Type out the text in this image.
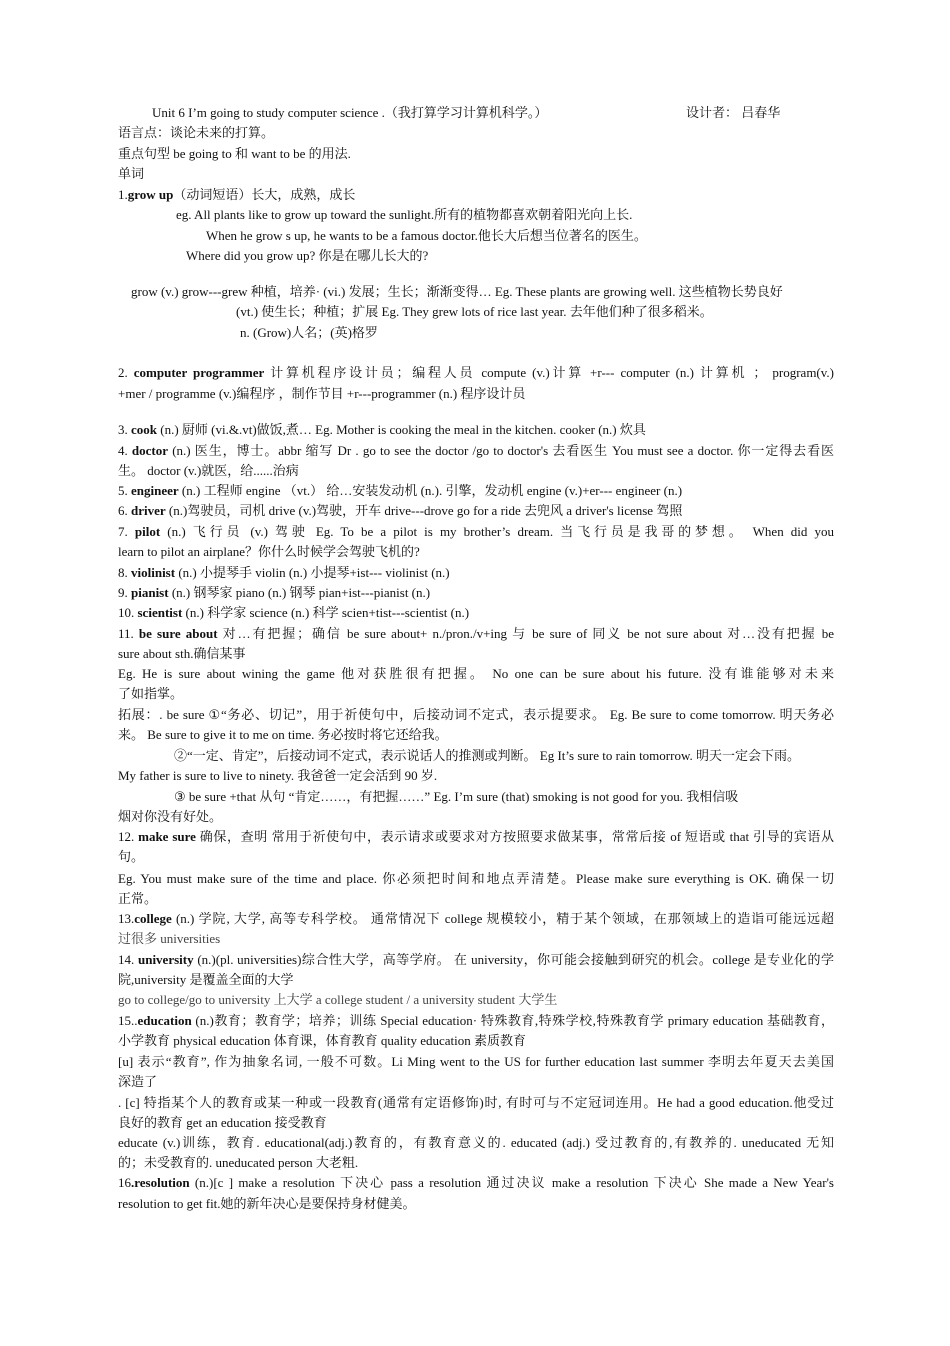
Unit 6 I’m going to study computer science .（我打算学习计算机科学。）	设计者： 吕春华
语言点：谈论未来的打算。
重点句型 be going to 和 want to be 的用法.
单词
1.grow up（动词短语）长大，成熟，成长
eg. All plants like to grow up toward the sunlight.所有的植物都喜欢朝着阳光向上长.
When he grow s up, he wants to be a famous doctor.他长大后想当位著名的医生。
Where did you grow up? 你是在哪儿长大的?
grow (v.) grow---grew 种植，培养· (vi.) 发展；生长；渐渐变得… Eg. These plants are growing well. 这些植物长势良好
(vt.) 使生长；种植；扩展 Eg. They grew lots of rice last year. 去年他们种了很多稻米。
n. (Grow)人名；(英)格罗
2. computer programmer 计算机程序设计员；编程人员 compute (v.)计算 +r--- computer (n.) 计算机 ； program(v.)
+mer / programme (v.)编程序 ，制作节目 +r---programmer (n.) 程序设计员
3. cook (n.) 厨师 (vi.&.vt)做饭,煮… Eg. Mother is cooking the meal in the kitchen. cooker (n.) 炊具
4. doctor (n.) 医生，博士。abbr 缩写 Dr . go to see the doctor /go to doctor's 去看医生 You must see a doctor. 你一定得去看医
生。 doctor (v.)就医，给......治病
5. engineer (n.) 工程师 engine （vt.） 给…安装发动机 (n.). 引擎，发动机 engine (v.)+er--- engineer (n.)
6. driver (n.)驾驶员，司机 drive (v.)驾驶，开车 drive---drove go for a ride 去兜风 a driver's license 驾照
7. pilot (n.) 飞行员 (v.) 驾驶 Eg. To be a pilot is my brother’s dream. 当飞行员是我哥的梦想。 When did you
learn to pilot an airplane？你什么时候学会驾驶飞机的?
8. violinist (n.) 小提琴手 violin (n.) 小提琴+ist--- violinist (n.)
9. pianist (n.) 钢琴家 piano (n.) 钢琴 pian+ist---pianist (n.)
10. scientist (n.) 科学家 science (n.) 科学 scien+tist---scientist (n.)
11. be sure about 对…有把握；确信 be sure about+ n./pron./v+ing 与 be sure of 同义 be not sure about 对…没有把握 be
sure about sth.确信某事
Eg. He is sure about wining the game 他对获胜很有把握。 No one can be sure about his future. 没有谁能够对未来
了如指掌。
拓展：. be sure ①“务必、切记”，用于祈使句中，后接动词不定式，表示提要求。 Eg. Be sure to come tomorrow. 明天务必
来。 Be sure to give it to me on time. 务必按时将它还给我。
②“一定、肯定”，后接动词不定式，表示说话人的推测或判断。 Eg It’s sure to rain tomorrow. 明天一定会下雨。
My father is sure to live to ninety. 我爸爸一定会活到 90 岁.
③ be sure +that 从句 “肯定……，有把握……” Eg. I’m sure (that) smoking is not good for you. 我相信吸
烟对你没有好处。
12. make sure 确保，查明 常用于祈使句中，表示请求或要求对方按照要求做某事，常常后接 of 短语或 that 引导的宾语从
句。
Eg. You must make sure of the time and place. 你必须把时间和地点弄清楚。Please make sure everything is OK. 确保一切
正常。
13.college (n.) 学院, 大学, 高等专科学校。 通常情况下 college 规模较小，精于某个领域，在那领域上的造诣可能远远超
过很多 universities
14. university (n.)(pl. universities)综合性大学，高等学府。 在 university，你可能会接触到研究的机会。college 是专业化的学
院,university 是覆盖全面的大学
go to college/go to university 上大学 a college student / a university student 大学生
15..education (n.)教育；教育学；培养；训练 Special education· 特殊教育,特殊学校,特殊教育学 primary education 基础教育，
小学教育 physical education 体育课，体育教育 quality education 素质教育
[u] 表示“教育”, 作为抽象名词, 一般不可数。Li Ming went to the US for further education last summer 李明去年夏天去美国
深造了
. [c] 特指某个人的教育或某一种或一段教育(通常有定语修饰)时, 有时可与不定冠词连用。He had a good education.他受过
良好的教育 get an education 接受教育
educate (v.)训练，教育. educational(adj.)教育的，有教育意义的. educated (adj.) 受过教育的,有教养的. uneducated 无知
的；未受教育的. uneducated person 大老粗.
16.resolution (n.)[c ] make a resolution 下决心 pass a resolution 通过决议 make a resolution 下决心 She made a New Year's
resolution to get fit.她的新年决心是要保持身材健美。
